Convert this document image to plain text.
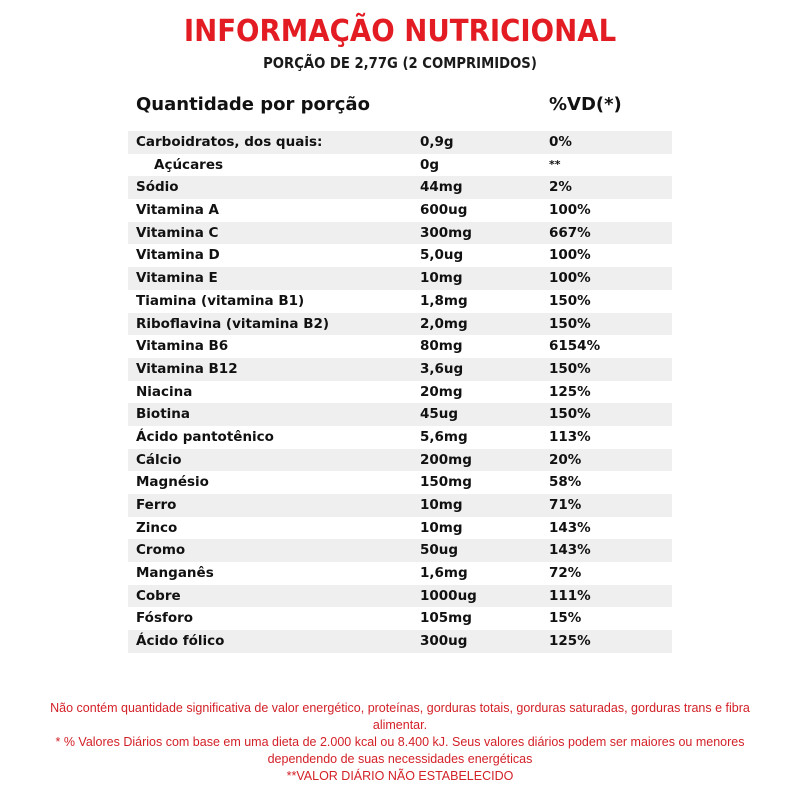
INFORMAÇÃO NUTRICIONAL
PORÇÃO DE 2,77G (2 COMPRIMIDOS)
Quantidade por porção	%VD(*)
Carboidratos, dos quais:	0,9g	0%
Açúcares	0g	**
Sódio	44mg	2%
Vitamina A	600ug	100%
Vitamina C	300mg	667%
Vitamina D	5,0ug	100%
Vitamina E	10mg	100%
Tiamina (vitamina B1)	1,8mg	150%
Riboflavina (vitamina B2)	2,0mg	150%
Vitamina B6	80mg	6154%
Vitamina B12	3,6ug	150%
Niacina	20mg	125%
Biotina	45ug	150%
Ácido pantotênico	5,6mg	113%
Cálcio	200mg	20%
Magnésio	150mg	58%
Ferro	10mg	71%
Zinco	10mg	143%
Cromo	50ug	143%
Manganês	1,6mg	72%
Cobre	1000ug	111%
Fósforo	105mg	15%
Ácido fólico	300ug	125%

Não contém quantidade significativa de valor energético, proteínas, gorduras totais, gorduras saturadas, gorduras trans e fibra alimentar.

* % Valores Diários com base em uma dieta de 2.000 kcal ou 8.400 kJ. Seus valores diários podem ser maiores ou menores dependendo de suas necessidades energéticas

**VALOR DIÁRIO NÃO ESTABELECIDO
